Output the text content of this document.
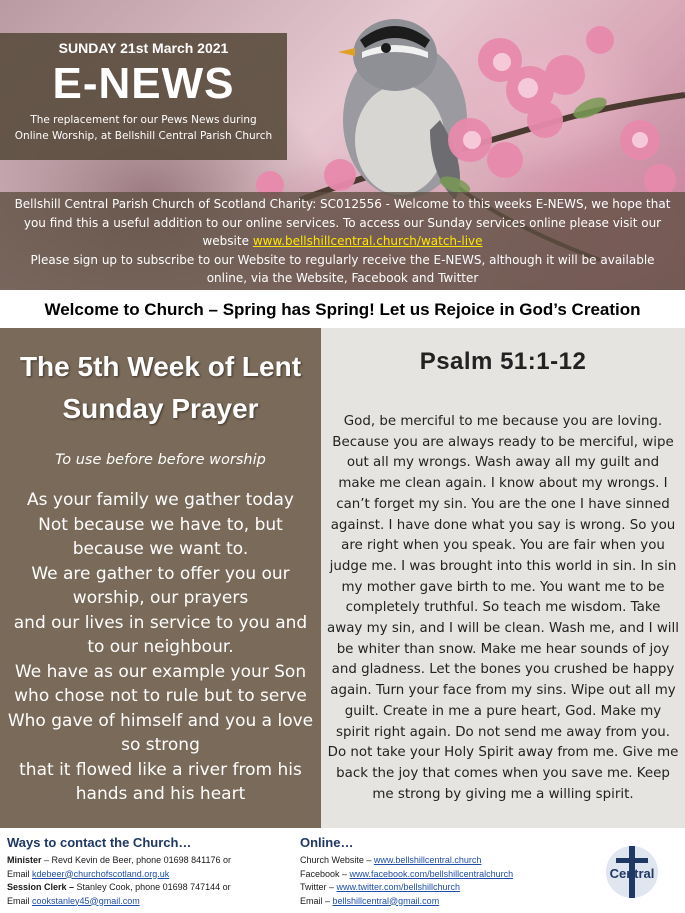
SUNDAY 21st March 2021
E-NEWS
The replacement for our Pews News during
Online Worship, at Bellshill Central Parish Church
Bellshill Central Parish Church of Scotland Charity: SC012556 - Welcome to this weeks E-NEWS, we hope that you find this a useful addition to our online services. To access our Sunday services online please visit our website www.bellshillcentral.church/watch-live
Please sign up to subscribe to our Website to regularly receive the E-NEWS, although it will be available online, via the Website, Facebook and Twitter
Welcome to Church – Spring has Spring! Let us Rejoice in God’s Creation
The 5th Week of Lent
Sunday Prayer
To use before before worship
As your family we gather today
Not because we have to, but
because we want to.
We are gather to offer you our
worship, our prayers
and our lives in service to you and
to our neighbour.
We have as our example your Son
who chose not to rule but to serve
Who gave of himself and you a love
so strong
that it flowed like a river from his
hands and his heart
Psalm 51:1-12
God, be merciful to me because you are loving. Because you are always ready to be merciful, wipe out all my wrongs. Wash away all my guilt and make me clean again. I know about my wrongs. I can’t forget my sin. You are the one I have sinned against. I have done what you say is wrong. So you are right when you speak. You are fair when you judge me. I was brought into this world in sin. In sin my mother gave birth to me. You want me to be completely truthful. So teach me wisdom. Take away my sin, and I will be clean. Wash me, and I will be whiter than snow. Make me hear sounds of joy and gladness. Let the bones you crushed be happy again. Turn your face from my sins. Wipe out all my guilt. Create in me a pure heart, God. Make my spirit right again. Do not send me away from you. Do not take your Holy Spirit away from me. Give me back the joy that comes when you save me. Keep me strong by giving me a willing spirit.
Ways to contact the Church…
Minister – Revd Kevin de Beer, phone 01698 841176 or
Email kdebeer@churchofscotland.org.uk
Session Clerk – Stanley Cook, phone 01698 747144 or
Email cookstanley45@gmail.com
Online…
Church Website – www.bellshillcentral.church
Facebook – www.facebook.com/bellshillcentralchurch
Twitter – www.twitter.com/bellshillchurch
Email – bellshillcentral@gmail.com
Central
